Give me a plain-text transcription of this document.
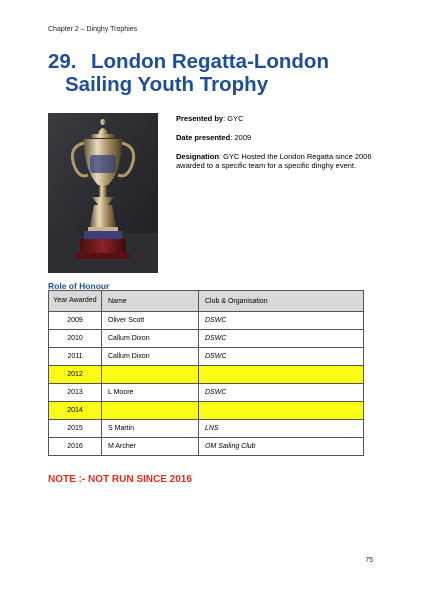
Chapter 2 – Dinghy Trophies
29. London Regatta-London
Sailing Youth Trophy

Presented by: GYC

Date presented: 2009

Designation: GYC Hosted the London Regatta since 2006 awarded to a specific team for a specific dinghy event.

Role of Honour
Year Awarded	Name	Club & Organisation
2009	Oliver Scott	DSWC
2010	Callum Dixon	DSWC
2011	Callum Dixon	DSWC
2012		
2013	L Moore	DSWC
2014		
2015	S Martin	LNS
2016	M Archer	OM Sailing Club
NOTE :- NOT RUN SINCE 2016
75
